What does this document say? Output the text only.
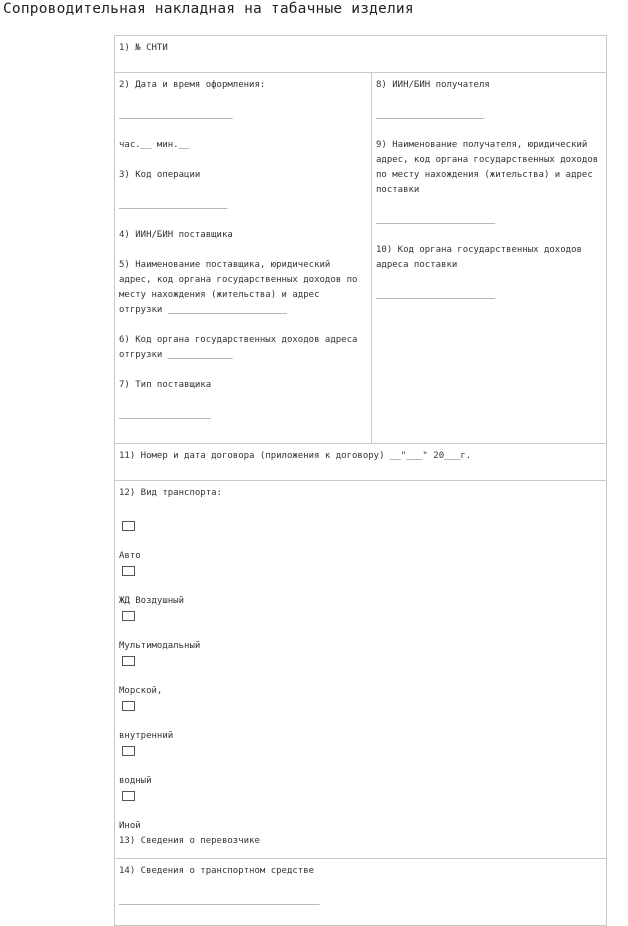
Сопроводительная накладная на табачные изделия
1) № СНТИ

2) Дата и время оформления:

_____________________

час.__ мин.__

3) Код операции

____________________

4) ИИН/БИН поставщика

5) Наименование поставщика, юридический адрес, код органа государственных доходов по месту нахождения (жительства) и адрес отгрузки ______________________

6) Код органа государственных доходов адреса отгрузки ____________

7) Тип поставщика

_________________

8) ИИН/БИН получателя

____________________

9) Наименование получателя, юридический адрес, код органа государственных доходов по месту нахождения (жительства) и адрес поставки

______________________

10) Код органа государственных доходов адреса поставки

______________________

11) Номер и дата договора (приложения к договору) __"___" 20___г.

12) Вид транспорта:

Авто

ЖД Воздушный

Мультимодальный

Морской,

внутренний

водный

Иной

13) Сведения о перевозчике

14) Сведения о транспортном средстве

_____________________________________
